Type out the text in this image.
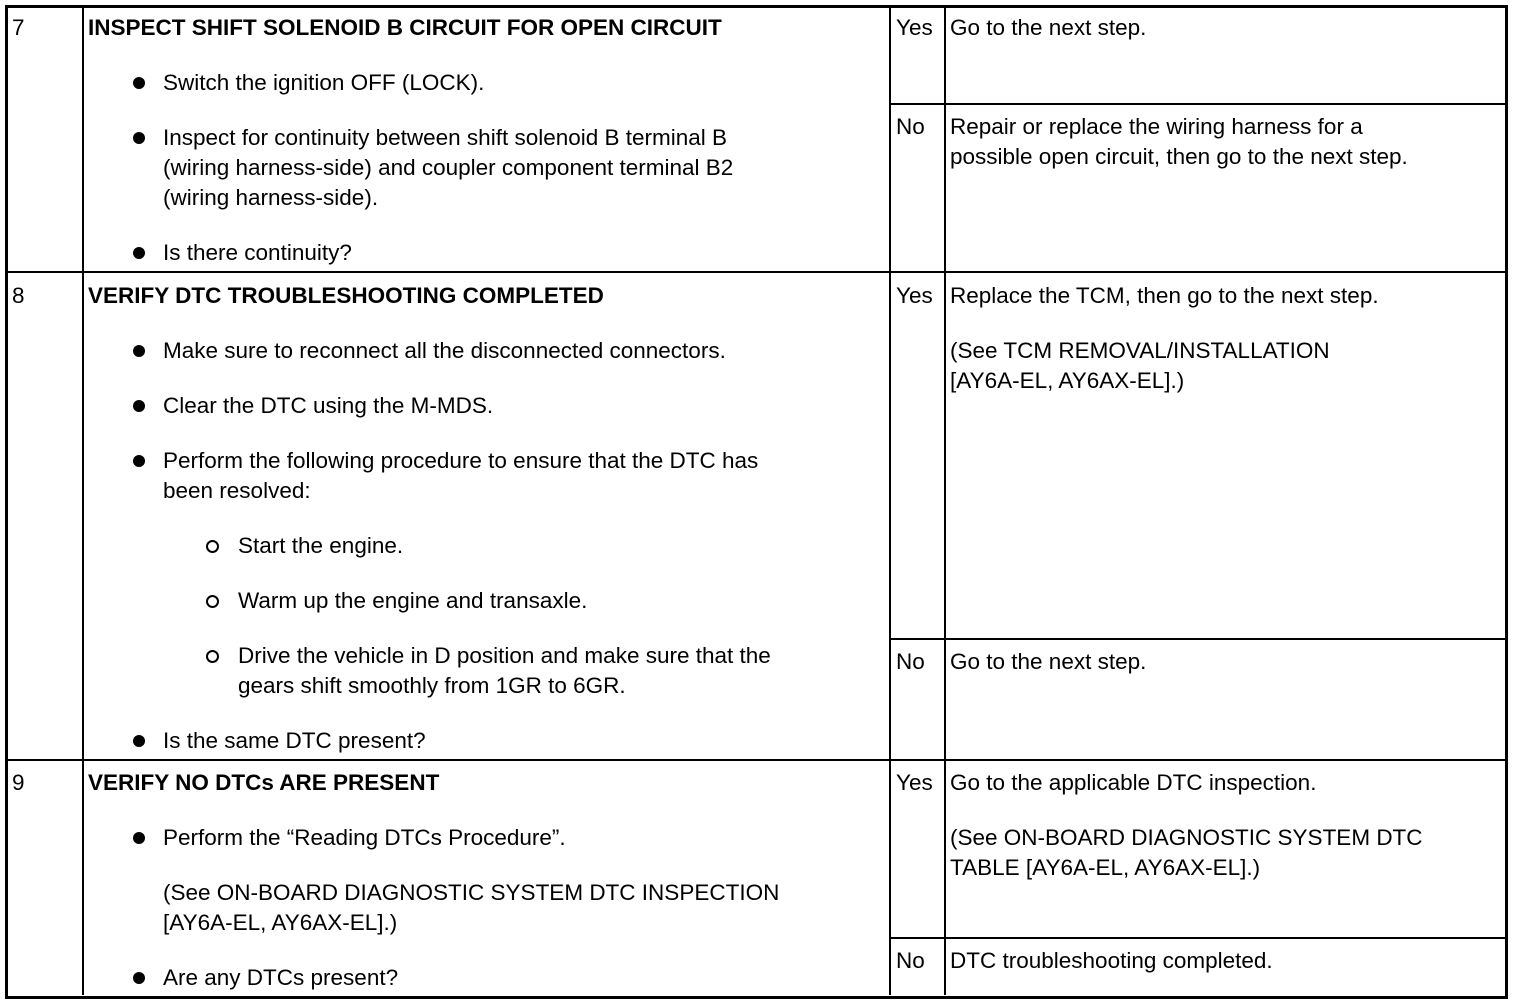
7	INSPECT SHIFT SOLENOID B CIRCUIT FOR OPEN CIRCUIT
Switch the ignition OFF (LOCK).
Inspect for continuity between shift solenoid B terminal B
(wiring harness-side) and coupler component terminal B2
(wiring harness-side).
Is there continuity?
Yes Go to the next step.
No Repair or replace the wiring harness for a
possible open circuit, then go to the next step.
8	VERIFY DTC TROUBLESHOOTING COMPLETED
Make sure to reconnect all the disconnected connectors.
Clear the DTC using the M-MDS.
Perform the following procedure to ensure that the DTC has
been resolved:
Start the engine.
Warm up the engine and transaxle.
Drive the vehicle in D position and make sure that the
gears shift smoothly from 1GR to 6GR.
Is the same DTC present?
Yes Replace the TCM, then go to the next step.
(See TCM REMOVAL/INSTALLATION
[AY6A-EL, AY6AX-EL].)
No Go to the next step.
9	VERIFY NO DTCs ARE PRESENT
Perform the “Reading DTCs Procedure”.
(See ON-BOARD DIAGNOSTIC SYSTEM DTC INSPECTION
[AY6A-EL, AY6AX-EL].)
Are any DTCs present?
Yes Go to the applicable DTC inspection.
(See ON-BOARD DIAGNOSTIC SYSTEM DTC
TABLE [AY6A-EL, AY6AX-EL].)
No DTC troubleshooting completed.
